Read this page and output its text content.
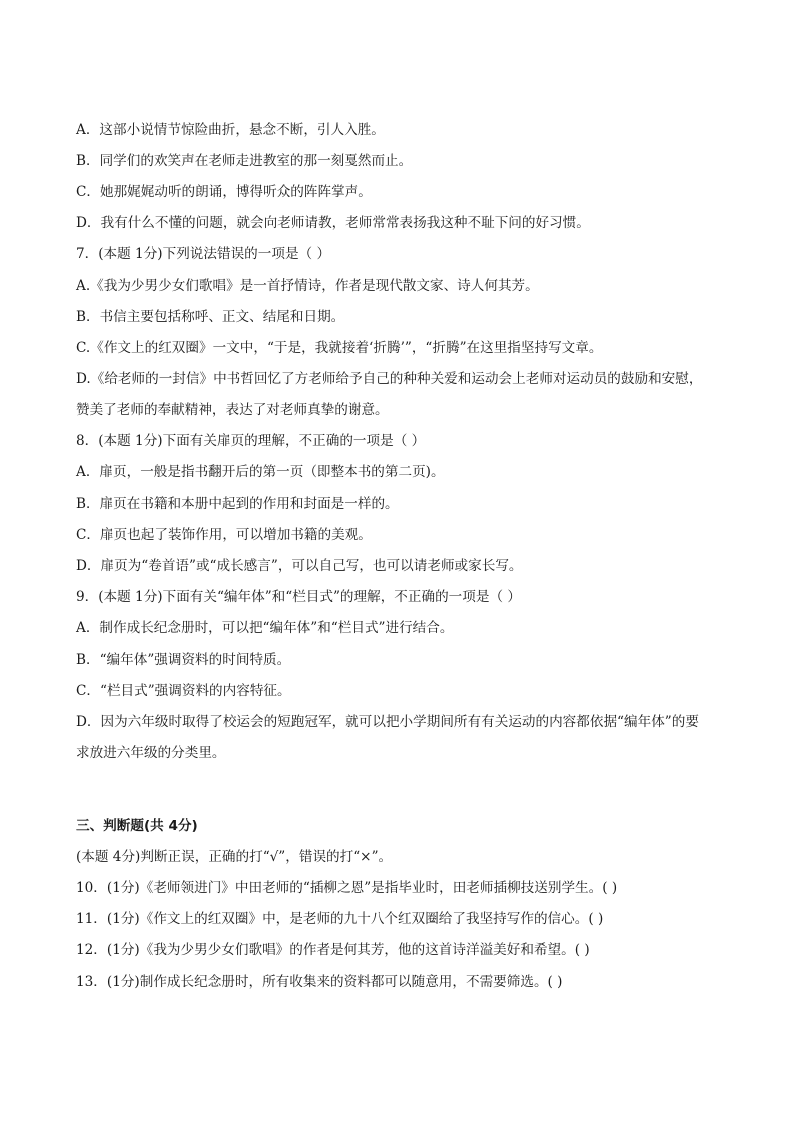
A．这部小说情节惊险曲折，悬念不断，引人入胜。
B．同学们的欢笑声在老师走进教室的那一刻戛然而止。
C．她那娓娓动听的朗诵，博得听众的阵阵掌声。
D．我有什么不懂的问题，就会向老师请教，老师常常表扬我这种不耻下问的好习惯。
7．(本题 1分)下列说法错误的一项是（ ）
A.《我为少男少女们歌唱》是一首抒情诗，作者是现代散文家、诗人何其芳。
B．书信主要包括称呼、正文、结尾和日期。
C.《作文上的红双圈》一文中，“于是，我就接着‘折腾’”，“折腾”在这里指坚持写文章。
D.《给老师的一封信》中书哲回忆了方老师给予自己的种种关爱和运动会上老师对运动员的鼓励和安慰，
赞美了老师的奉献精神，表达了对老师真挚的谢意。
8．(本题 1分)下面有关扉页的理解，不正确的一项是（ ）
A．扉页，一般是指书翻开后的第一页（即整本书的第二页)。
B．扉页在书籍和本册中起到的作用和封面是一样的。
C．扉页也起了装饰作用，可以增加书籍的美观。
D．扉页为“卷首语”或“成长感言”，可以自己写，也可以请老师或家长写。
9．(本题 1分)下面有关“编年体”和“栏目式”的理解，不正确的一项是（ ）
A．制作成长纪念册时，可以把“编年体”和“栏目式”进行结合。
B．“编年体”强调资料的时间特质。
C．“栏目式”强调资料的内容特征。
D．因为六年级时取得了校运会的短跑冠军，就可以把小学期间所有有关运动的内容都依据“编年体”的要
求放进六年级的分类里。
三、判断题(共 4分)
(本题 4分)判断正误，正确的打“√”，错误的打“×”。
10．(1分)《老师领进门》中田老师的“插柳之恩”是指毕业时，田老师插柳技送别学生。( )
11．(1分)《作文上的红双圈》中，是老师的九十八个红双圈给了我坚持写作的信心。( )
12．(1分)《我为少男少女们歌唱》的作者是何其芳，他的这首诗洋溢美好和希望。( )
13．(1分)制作成长纪念册时，所有收集来的资料都可以随意用，不需要筛选。( )
